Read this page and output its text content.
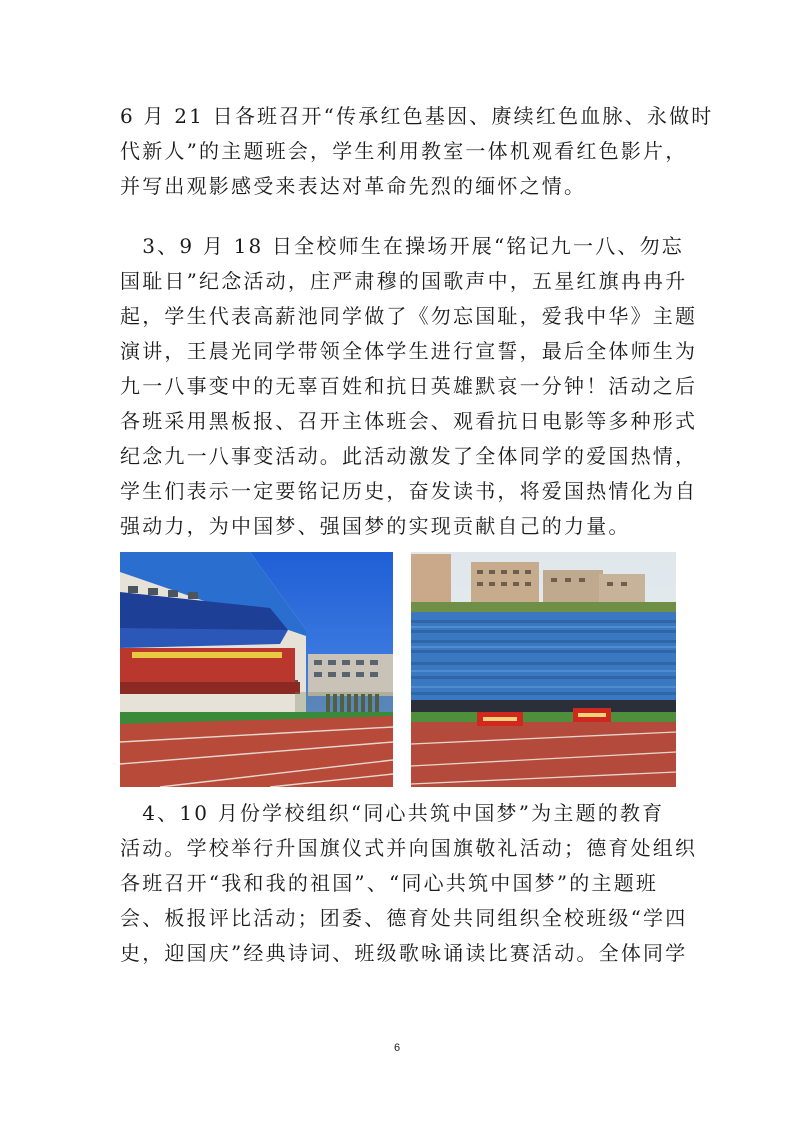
6 月 21 日各班召开“传承红色基因、赓续红色血脉、永做时
代新人”的主题班会，学生利用教室一体机观看红色影片，
并写出观影感受来表达对革命先烈的缅怀之情。
　3、9 月 18 日全校师生在操场开展“铭记九一八、勿忘
国耻日”纪念活动，庄严肃穆的国歌声中，五星红旗冉冉升
起，学生代表高薪池同学做了《勿忘国耻，爱我中华》主题
演讲，王晨光同学带领全体学生进行宣誓，最后全体师生为
九一八事变中的无辜百姓和抗日英雄默哀一分钟！活动之后
各班采用黑板报、召开主体班会、观看抗日电影等多种形式
纪念九一八事变活动。此活动激发了全体同学的爱国热情，
学生们表示一定要铭记历史，奋发读书，将爱国热情化为自
强动力，为中国梦、强国梦的实现贡献自己的力量。
　4、10 月份学校组织“同心共筑中国梦”为主题的教育
活动。学校举行升国旗仪式并向国旗敬礼活动；德育处组织
各班召开“我和我的祖国”、“同心共筑中国梦”的主题班
会、板报评比活动；团委、德育处共同组织全校班级“学四
史，迎国庆”经典诗词、班级歌咏诵读比赛活动。全体同学
6
